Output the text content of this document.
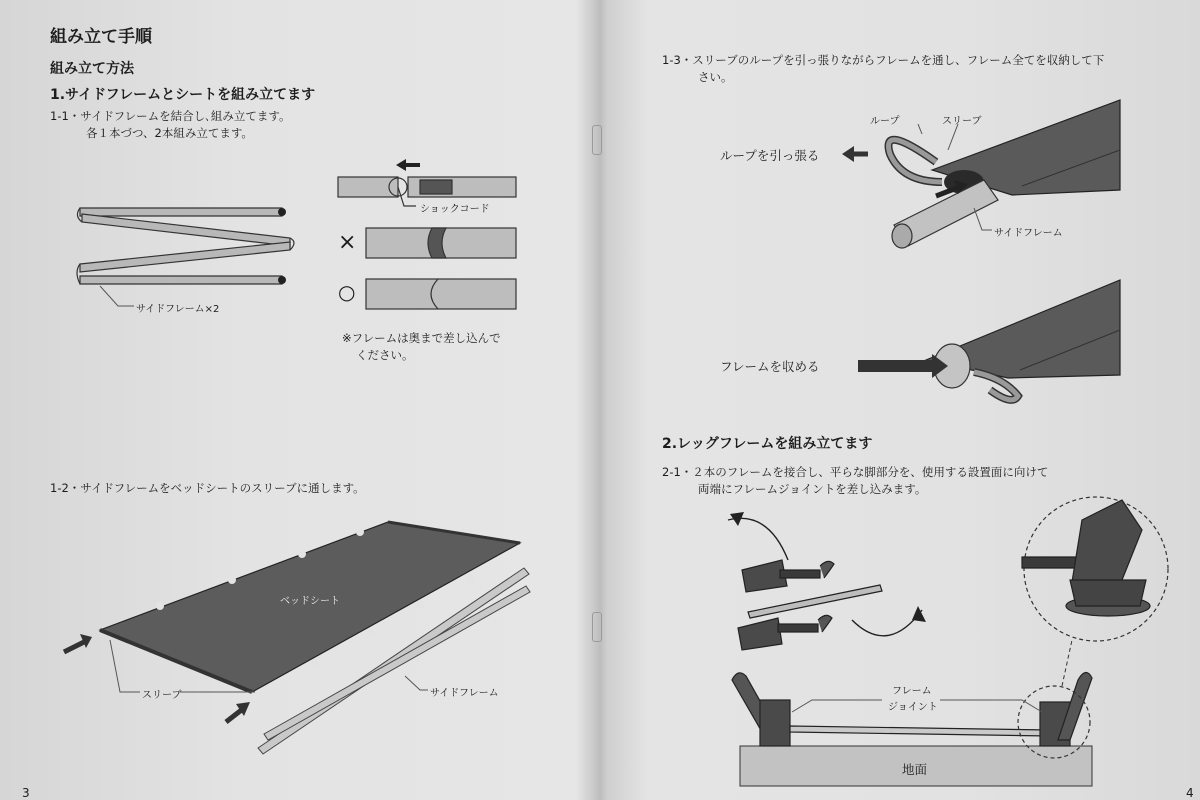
組み立て手順
組み立て方法
1.サイドフレームとシートを組み立てます
1-1・サイドフレームを結合し､組み立てます。
各１本づつ、2本組み立てます。
サイドフレーム×2
ショックコード
×
○
※フレームは奥まで差し込んで
ください。
1-2・サイドフレームをベッドシートのスリーブに通します。
ベッドシート
スリーブ	サイドフレーム
3
1-3・スリーブのループを引っ張りながらフレームを通し、フレーム全てを収納して下
さい。
ループ	スリーブ
ループを引っ張る
サイドフレーム
フレームを収める
2.レッグフレームを組み立てます
2-1・２本のフレームを接合し、平らな脚部分を、使用する設置面に向けて
両端にフレームジョイントを差し込みます。
フレーム
ジョイント
地面
4
